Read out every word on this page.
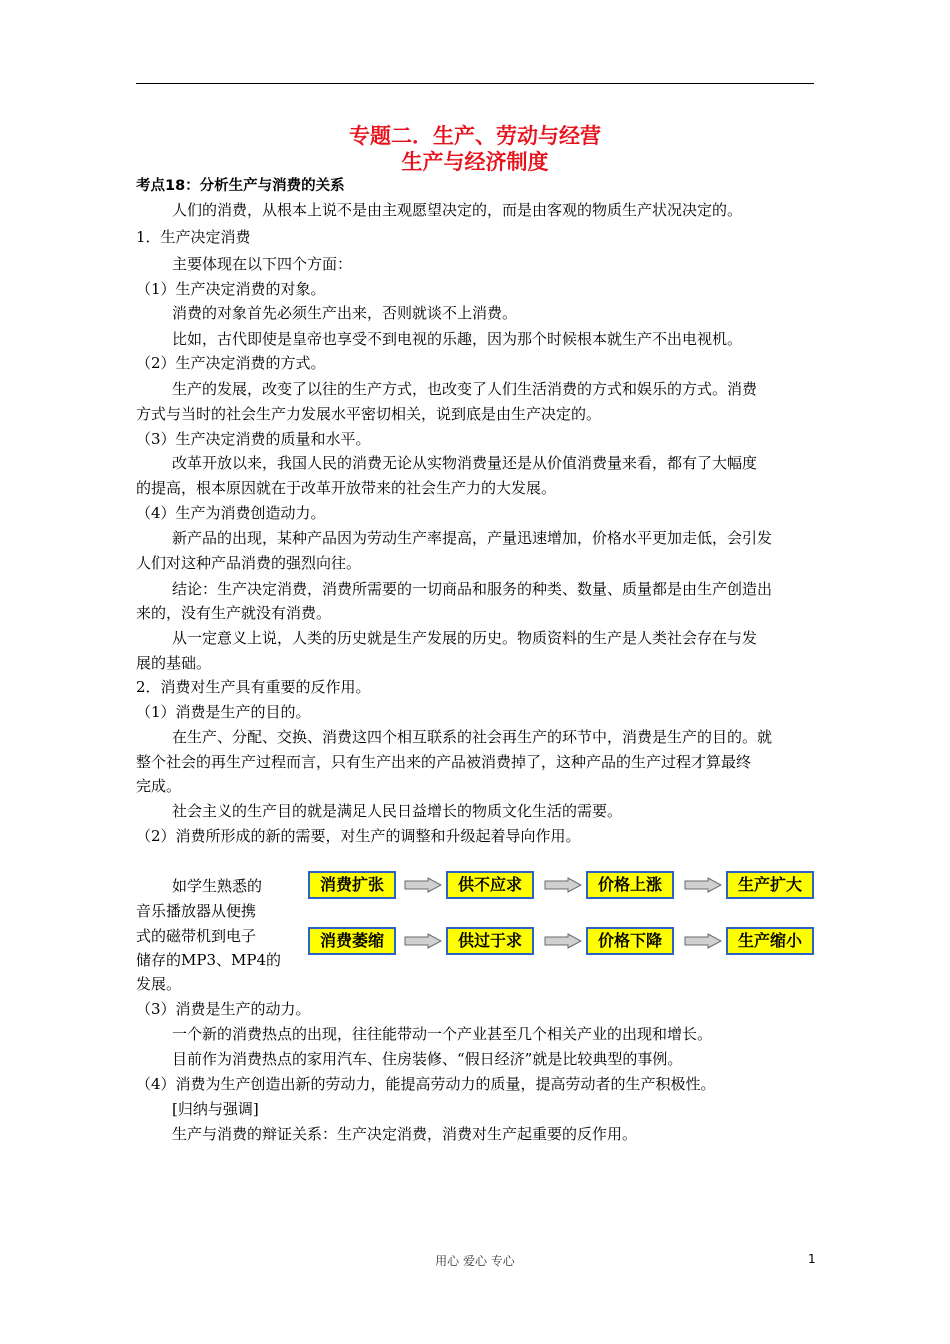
专题二．生产、劳动与经营
生产与经济制度
考点18：分析生产与消费的关系
人们的消费，从根本上说不是由主观愿望决定的，而是由客观的物质生产状况决定的。
1．生产决定消费
主要体现在以下四个方面：
（1）生产决定消费的对象。
消费的对象首先必须生产出来，否则就谈不上消费。
比如，古代即使是皇帝也享受不到电视的乐趣，因为那个时候根本就生产不出电视机。
（2）生产决定消费的方式。
生产的发展，改变了以往的生产方式，也改变了人们生活消费的方式和娱乐的方式。消费
方式与当时的社会生产力发展水平密切相关，说到底是由生产决定的。
（3）生产决定消费的质量和水平。
改革开放以来，我国人民的消费无论从实物消费量还是从价值消费量来看，都有了大幅度
的提高，根本原因就在于改革开放带来的社会生产力的大发展。
（4）生产为消费创造动力。
新产品的出现，某种产品因为劳动生产率提高，产量迅速增加，价格水平更加走低，会引发
人们对这种产品消费的强烈向往。
结论：生产决定消费，消费所需要的一切商品和服务的种类、数量、质量都是由生产创造出
来的，没有生产就没有消费。
从一定意义上说，人类的历史就是生产发展的历史。物质资料的生产是人类社会存在与发
展的基础。
2．消费对生产具有重要的反作用。
（1）消费是生产的目的。
在生产、分配、交换、消费这四个相互联系的社会再生产的环节中，消费是生产的目的。就
整个社会的再生产过程而言，只有生产出来的产品被消费掉了，这种产品的生产过程才算最终
完成。
社会主义的生产目的就是满足人民日益增长的物质文化生活的需要。
（2）消费所形成的新的需要，对生产的调整和升级起着导向作用。
如学生熟悉的
音乐播放器从便携
式的磁带机到电子
储存的MP3、MP4的
发展。
消费扩张	供不应求	价格上涨	生产扩大
消费萎缩	供过于求	价格下降	生产缩小
（3）消费是生产的动力。
一个新的消费热点的出现，往往能带动一个产业甚至几个相关产业的出现和增长。
目前作为消费热点的家用汽车、住房装修、“假日经济”就是比较典型的事例。
（4）消费为生产创造出新的劳动力，能提高劳动力的质量，提高劳动者的生产积极性。
[归纳与强调]
生产与消费的辩证关系：生产决定消费，消费对生产起重要的反作用。
用心 爱心 专心	1
